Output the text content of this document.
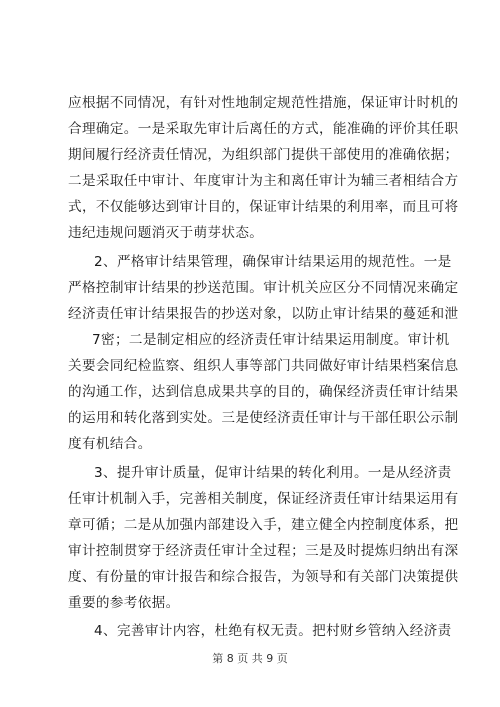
应根据不同情况，有针对性地制定规范性措施，保证审计时机的
合理确定。一是采取先审计后离任的方式，能准确的评价其任职
期间履行经济责任情况，为组织部门提供干部使用的准确依据；
二是采取任中审计、年度审计为主和离任审计为辅三者相结合方
式，不仅能够达到审计目的，保证审计结果的利用率，而且可将
违纪违规问题消灭于萌芽状态。
2、严格审计结果管理，确保审计结果运用的规范性。一是
严格控制审计结果的抄送范围。审计机关应区分不同情况来确定
经济责任审计结果报告的抄送对象，以防止审计结果的蔓延和泄
7密；二是制定相应的经济责任审计结果运用制度。审计机
关要会同纪检监察、组织人事等部门共同做好审计结果档案信息
的沟通工作，达到信息成果共享的目的，确保经济责任审计结果
的运用和转化落到实处。三是使经济责任审计与干部任职公示制
度有机结合。
3、提升审计质量，促审计结果的转化利用。一是从经济责
任审计机制入手，完善相关制度，保证经济责任审计结果运用有
章可循；二是从加强内部建设入手，建立健全内控制度体系，把
审计控制贯穿于经济责任审计全过程；三是及时提炼归纳出有深
度、有份量的审计报告和综合报告，为领导和有关部门决策提供
重要的参考依据。
4、完善审计内容，杜绝有权无责。把村财乡管纳入经济责
第 8 页 共 9 页
